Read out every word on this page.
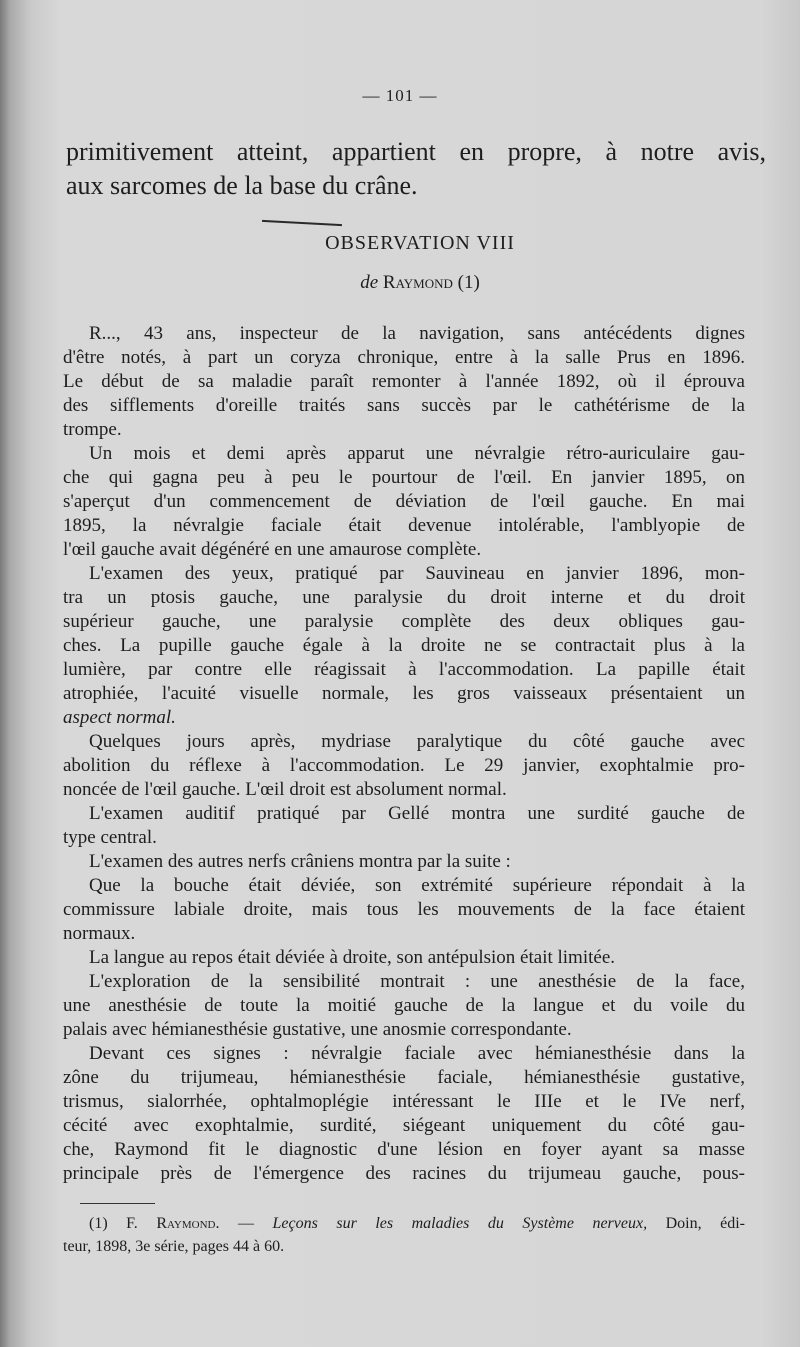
— 101 —
primitivement atteint, appartient en propre, à notre avis,
aux sarcomes de la base du crâne.
OBSERVATION VIII
de Raymond (1)
R..., 43 ans, inspecteur de la navigation, sans antécédents dignes
d'être notés, à part un coryza chronique, entre à la salle Prus en 1896.
Le début de sa maladie paraît remonter à l'année 1892, où il éprouva
des sifflements d'oreille traités sans succès par le cathétérisme de la
trompe.
Un mois et demi après apparut une névralgie rétro-auriculaire gau-
che qui gagna peu à peu le pourtour de l'œil. En janvier 1895, on
s'aperçut d'un commencement de déviation de l'œil gauche. En mai
1895, la névralgie faciale était devenue intolérable, l'amblyopie de
l'œil gauche avait dégénéré en une amaurose complète.
L'examen des yeux, pratiqué par Sauvineau en janvier 1896, mon-
tra un ptosis gauche, une paralysie du droit interne et du droit
supérieur gauche, une paralysie complète des deux obliques gau-
ches. La pupille gauche égale à la droite ne se contractait plus à la
lumière, par contre elle réagissait à l'accommodation. La papille était
atrophiée, l'acuité visuelle normale, les gros vaisseaux présentaient un
aspect normal.
Quelques jours après, mydriase paralytique du côté gauche avec
abolition du réflexe à l'accommodation. Le 29 janvier, exophtalmie pro-
noncée de l'œil gauche. L'œil droit est absolument normal.
L'examen auditif pratiqué par Gellé montra une surdité gauche de
type central.
L'examen des autres nerfs crâniens montra par la suite :
Que la bouche était déviée, son extrémité supérieure répondait à la
commissure labiale droite, mais tous les mouvements de la face étaient
normaux.
La langue au repos était déviée à droite, son antépulsion était limitée.
L'exploration de la sensibilité montrait : une anesthésie de la face,
une anesthésie de toute la moitié gauche de la langue et du voile du
palais avec hémianesthésie gustative, une anosmie correspondante.
Devant ces signes : névralgie faciale avec hémianesthésie dans la
zône du trijumeau, hémianesthésie faciale, hémianesthésie gustative,
trismus, sialorrhée, ophtalmoplégie intéressant le IIIe et le IVe nerf,
cécité avec exophtalmie, surdité, siégeant uniquement du côté gau-
che, Raymond fit le diagnostic d'une lésion en foyer ayant sa masse
principale près de l'émergence des racines du trijumeau gauche, pous-
(1) F. Raymond. — Leçons sur les maladies du Système nerveux, Doin, édi-
teur, 1898, 3e série, pages 44 à 60.
